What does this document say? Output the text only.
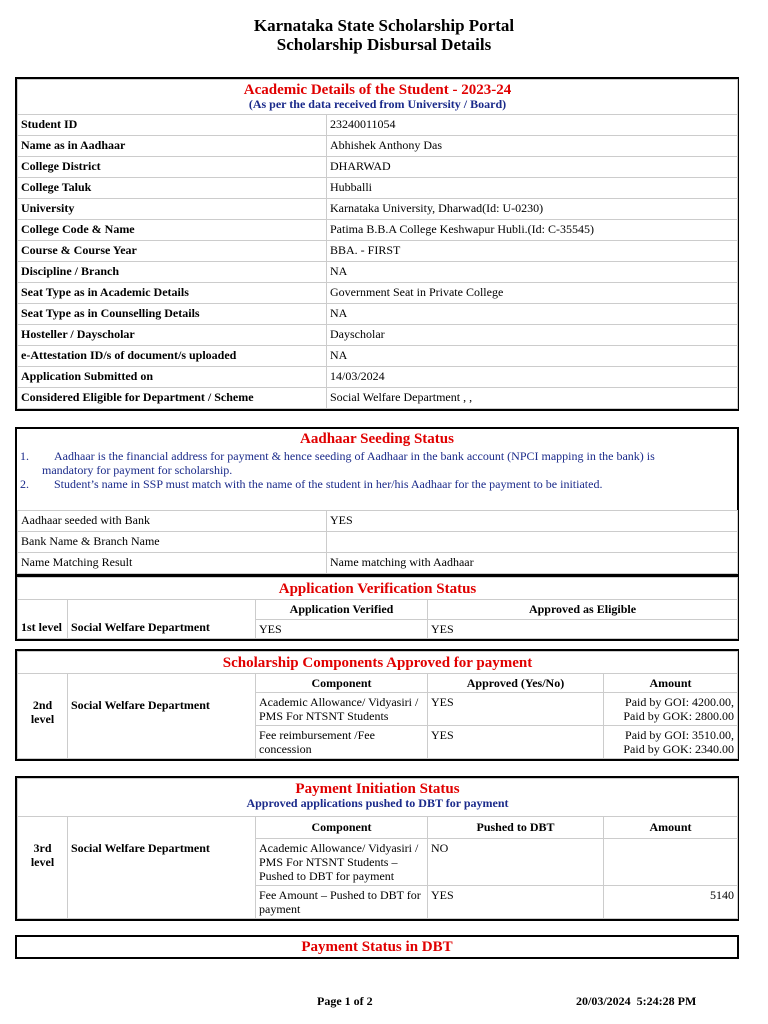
Karnataka State Scholarship Portal
Scholarship Disbursal Details
Academic Details of the Student - 2023-24
(As per the data received from University / Board)	

Student ID	23240011054
Name as in Aadhaar	Abhishek Anthony Das
College District	DHARWAD
College Taluk	Hubballi
University	Karnataka University, Dharwad(Id: U-0230)
College Code & Name	Patima B.B.A College Keshwapur Hubli.(Id: C-35545)
Course & Course Year	BBA. - FIRST
Discipline / Branch	NA
Seat Type as in Academic Details	Government Seat in Private College
Seat Type as in Counselling Details	NA
Hosteller / Dayscholar	Dayscholar
e-Attestation ID/s of document/s uploaded	NA
Application Submitted on	14/03/2024
Considered Eligible for Department / Scheme	Social Welfare Department , ,
Aadhaar Seeding Status
1. Aadhaar is the financial address for payment & hence seeding of Aadhaar in the bank account (NPCI mapping in the bank) is
mandatory for payment for scholarship.
2. Student’s name in SSP must match with the name of the student in her/his Aadhaar for the payment to be initiated.
Aadhaar seeded with Bank	YES
Bank Name & Branch Name	
Name Matching Result	Name matching with Aadhaar
Application Verification Status			

1st level	Social Welfare Department	Application Verified	Approved as Eligible
		YES	YES
Scholarship Components Approved for payment				

2nd level	Social Welfare Department	Component	Approved (Yes/No)	Amount
		Academic Allowance/ Vidyasiri / PMS For NTSNT Students	YES	Paid by GOI: 4200.00,
Paid by GOK: 2800.00

		Fee reimbursement /Fee concession	YES	Paid by GOI: 3510.00,
Paid by GOK: 2340.00
Payment Initiation Status
Approved applications pushed to DBT for payment				

3rd level	Social Welfare Department	Component	Pushed to DBT	Amount
		Academic Allowance/ Vidyasiri / PMS For NTSNT Students – Pushed to DBT for payment	NO	
		Fee Amount – Pushed to DBT for payment	YES	5140
Payment Status in DBT
Page 1 of 2	20/03/2024  5:24:28 PM
